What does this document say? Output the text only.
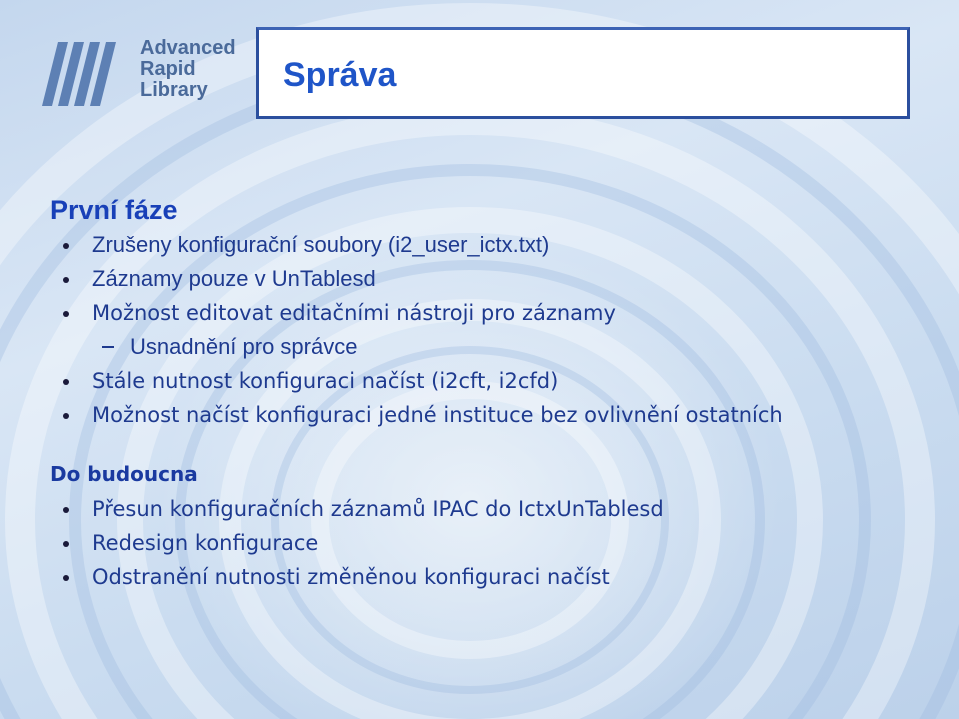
Advanced
Rapid
Library	Správa
První fáze
Zrušeny konfigurační soubory (i2_user_ictx.txt)
Záznamy pouze v UnTablesd
Možnost editovat editačními nástroji pro záznamy
Usnadnění pro správce
Stále nutnost konfiguraci načíst (i2cft, i2cfd)
Možnost načíst konfiguraci jedné instituce bez ovlivnění ostatních
Do budoucna
Přesun konfiguračních záznamů IPAC do IctxUnTablesd
Redesign konfigurace
Odstranění nutnosti změněnou konfiguraci načíst
